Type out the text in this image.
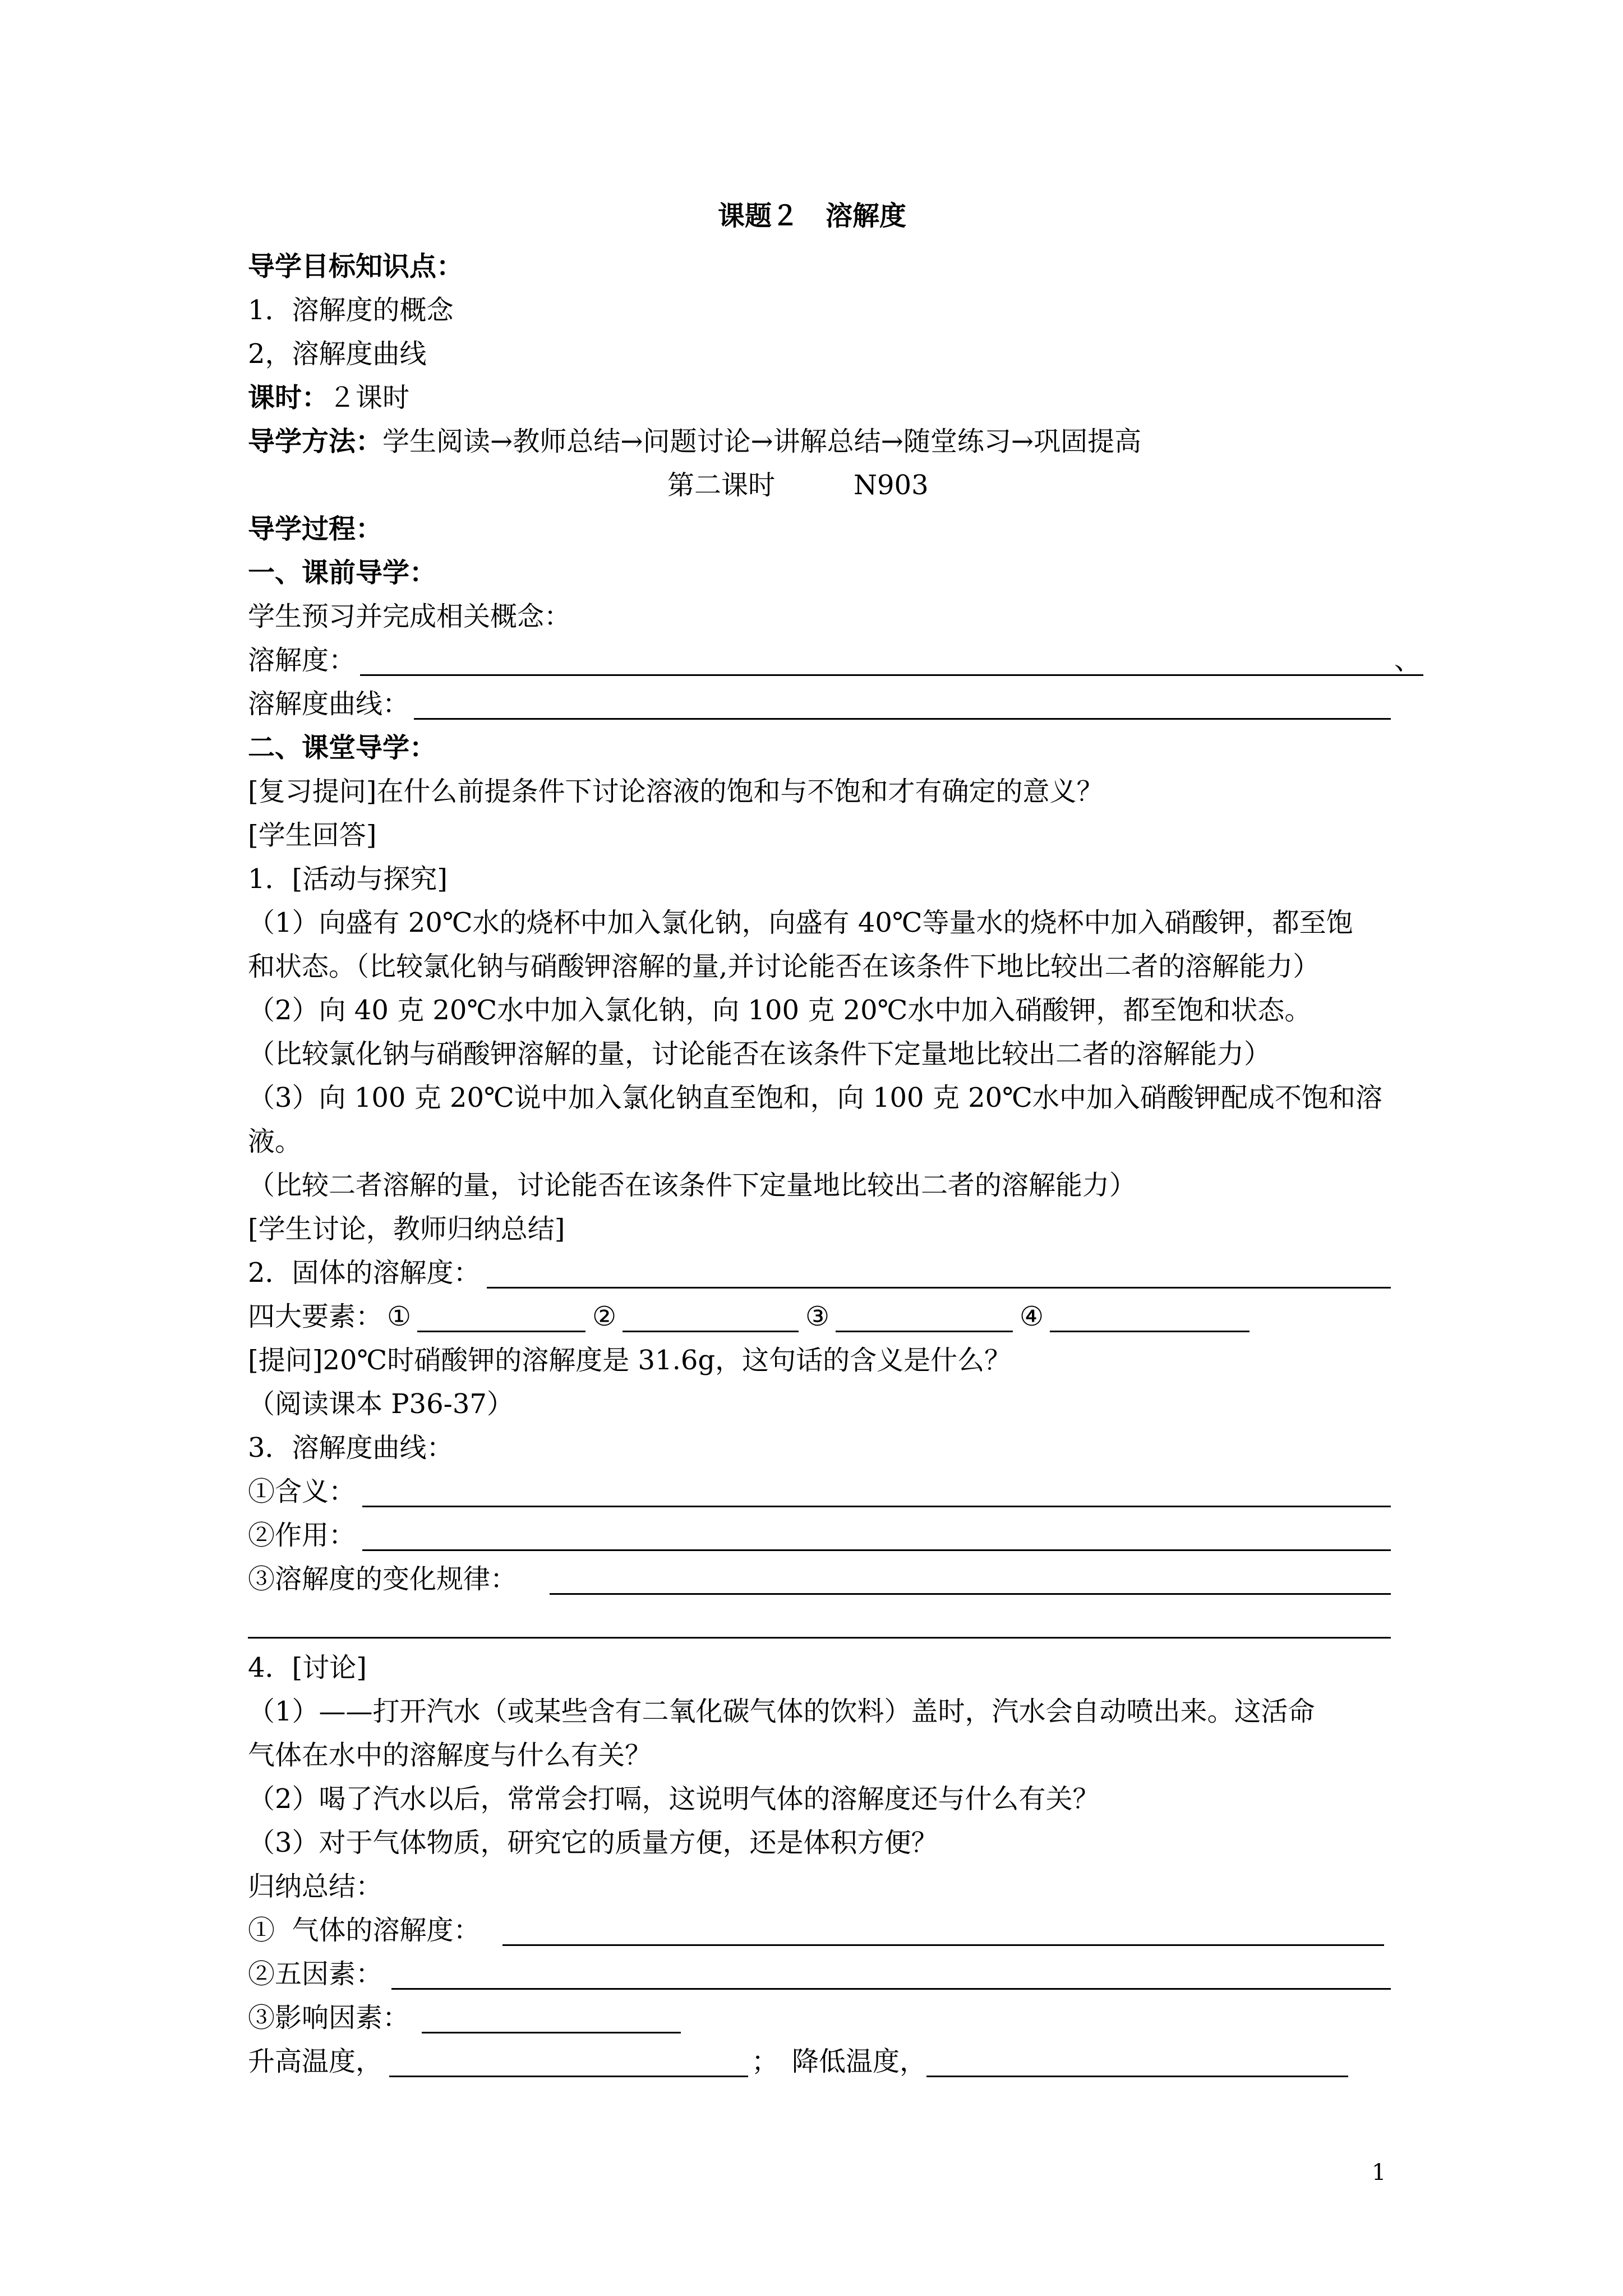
课题２　溶解度
导学目标知识点：
1．溶解度的概念
2，溶解度曲线
课时：２课时
导学方法：学生阅读→教师总结→问题讨论→讲解总结→随堂练习→巩固提高
第二课时	N903
导学过程：
一、课前导学：
学生预习并完成相关概念：
溶解度：	、
溶解度曲线：
二、课堂导学：
[复习提问]在什么前提条件下讨论溶液的饱和与不饱和才有确定的意义？
[学生回答]
1．[活动与探究]
（1）向盛有 20℃水的烧杯中加入氯化钠，向盛有 40℃等量水的烧杯中加入硝酸钾，都至饱
和状态。（比较氯化钠与硝酸钾溶解的量,并讨论能否在该条件下地比较出二者的溶解能力）
（2）向 40 克 20℃水中加入氯化钠，向 100 克 20℃水中加入硝酸钾，都至饱和状态。
（比较氯化钠与硝酸钾溶解的量，讨论能否在该条件下定量地比较出二者的溶解能力）
（3）向 100 克 20℃说中加入氯化钠直至饱和，向 100 克 20℃水中加入硝酸钾配成不饱和溶
液。
（比较二者溶解的量，讨论能否在该条件下定量地比较出二者的溶解能力）
[学生讨论，教师归纳总结]
2．固体的溶解度：
四大要素： ①	②	③	④
[提问]20℃时硝酸钾的溶解度是 31.6g，这句话的含义是什么？
（阅读课本 P36-37）
3．溶解度曲线：
①含义：
②作用：
③溶解度的变化规律：
4．[讨论]
（1）——打开汽水（或某些含有二氧化碳气体的饮料）盖时，汽水会自动喷出来。这活命
气体在水中的溶解度与什么有关？
（2）喝了汽水以后，常常会打嗝，这说明气体的溶解度还与什么有关？
（3）对于气体物质，研究它的质量方便，还是体积方便？
归纳总结：
①  气体的溶解度：
②五因素：
③影响因素：
升高温度，	； 降低温度，
1
